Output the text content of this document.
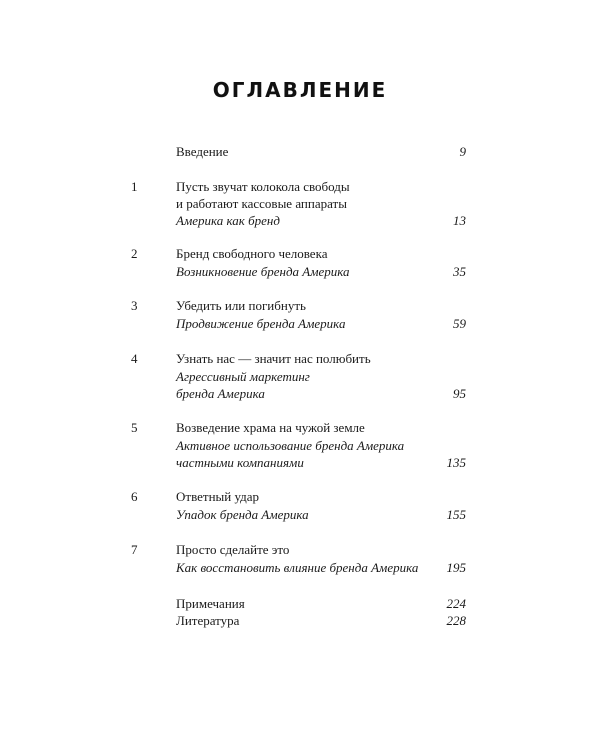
ОГЛАВЛЕНИЕ
Введение	9
1	Пусть звучат колокола свободы
и работают кассовые аппараты
Америка как бренд	13
2	Бренд свободного человека
Возникновение бренда Америка	35
3	Убедить или погибнуть
Продвижение бренда Америка	59
4	Узнать нас — значит нас полюбить
Агрессивный маркетинг
бренда Америка	95
5	Возведение храма на чужой земле
Активное использование бренда Америка
частными компаниями	135
6	Ответный удар
Упадок бренда Америка	155
7	Просто сделайте это
Как восстановить влияние бренда Америка	195
Примечания	224
Литература	228
